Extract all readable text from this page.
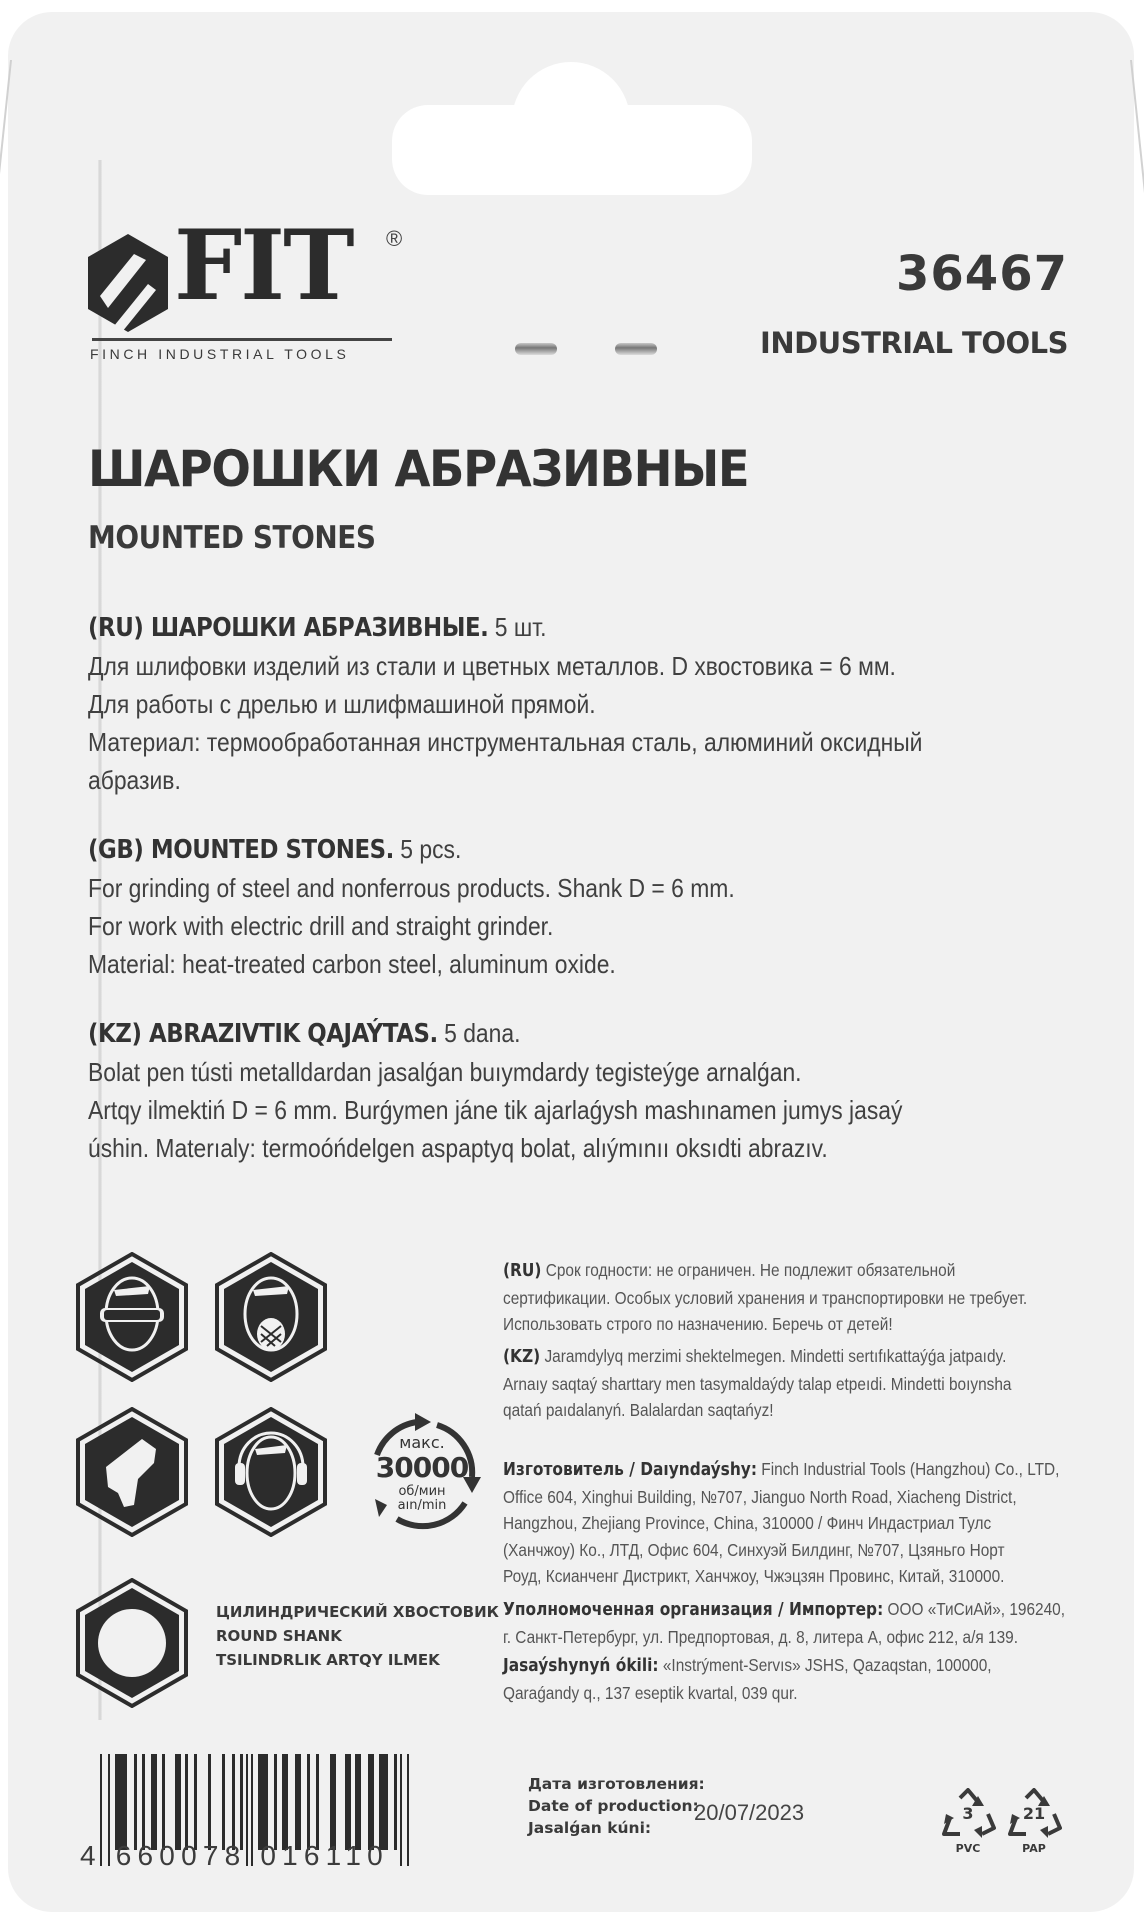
FIT ®
FINCH INDUSTRIAL TOOLS
36467
INDUSTRIAL TOOLS
ШАРОШКИ АБРАЗИВНЫЕ
MOUNTED STONES
(RU) ШАРОШКИ АБРАЗИВНЫЕ. 5 шт.
Для шлифовки изделий из стали и цветных металлов. D хвостовика = 6 мм.
Для работы с дрелью и шлифмашиной прямой.
Материал: термообработанная инструментальная сталь, алюминий оксидный
абразив.
(GB) MOUNTED STONES. 5 pcs.
For grinding of steel and nonferrous products. Shank D = 6 mm.
For work with electric drill and straight grinder.
Material: heat-treated carbon steel, aluminum oxide.
(KZ) ABRAZIVTIK QAJAÝTAS. 5 dana.
Bolat pen tústi metalldardan jasalǵan buıymdardy tegisteýge arnalǵan.
Artqy ilmektiń D = 6 mm. Burǵymen jáne tik ajarlaǵysh mashınamen jumys jasaý
úshin. Materıaly: termoóńdelgen aspaptyq bolat, alıýmınıı oksıdti abrazıv.
макс.
30000
об/мин
aın/min
ЦИЛИНДРИЧЕСКИЙ ХВОСТОВИК
ROUND SHANK
TSILINDRLIK ARTQY ILMEK
(RU) Срок годности: не ограничен. Не подлежит обязательной
сертификации. Особых условий хранения и транспортировки не требует.
Использовать строго по назначению. Беречь от детей!
(KZ) Jaramdylyq merzimi shektelmegen. Mindetti sertıfıkattaýǵa jatpaıdy.
Arnaıy saqtaý sharttary men tasymaldaýdy talap etpeıdi. Mindetti boıynsha
qatań paıdalanyń. Balalardan saqtańyz!
Изготовитель / Daıyndaýshy: Finch Industrial Tools (Hangzhou) Co., LTD,
Office 604, Xinghui Building, №707, Jianguo North Road, Xiacheng District,
Hangzhou, Zhejiang Province, China, 310000 / Финч Индастриал Тулс
(Ханчжоу) Ко., ЛТД, Офис 604, Синхуэй Билдинг, №707, Цзяньго Норт
Роуд, Ксианченг Дистрикт, Ханчжоу, Чжэцзян Провинс, Китай, 310000.
Уполномоченная организация / Импортер: ООО «ТиСиАй», 196240,
г. Санкт-Петербург, ул. Предпортовая, д. 8, литера А, офис 212, а/я 139.
Jasaýshynyń ókili: «Instrýment-Servıs» JSHS, Qazaqstan, 100000,
Qaraǵandy q., 137 eseptik kvartal, 039 qur.
4 660078 016110
Дата изготовления:
Date of production:
Jasalǵan kúni:
20/07/2023	3
PVC
21
PAP
